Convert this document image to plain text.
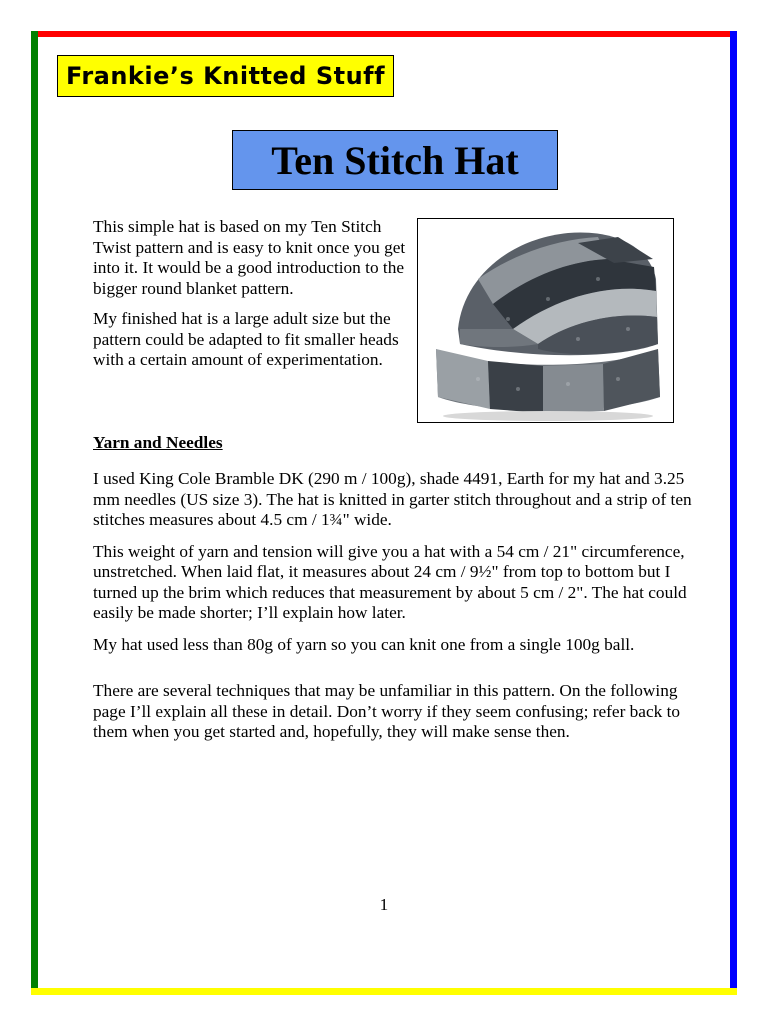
Frankie’s Knitted Stuff
Ten Stitch Hat

This simple hat is based on my Ten Stitch Twist pattern and is easy to knit once you get into it. It would be a good introduction to the bigger round blanket pattern.

My finished hat is a large adult size but the pattern could be adapted to fit smaller heads with a certain amount of experimentation.

Yarn and Needles

I used King Cole Bramble DK (290 m / 100g), shade 4491, Earth for my hat and 3.25 mm needles (US size 3). The hat is knitted in garter stitch throughout and a strip of ten stitches measures about 4.5 cm / 1¾" wide.

This weight of yarn and tension will give you a hat with a 54 cm / 21" circumference, unstretched. When laid flat, it measures about 24 cm / 9½" from top to bottom but I turned up the brim which reduces that measurement by about 5 cm / 2". The hat could easily be made shorter; I’ll explain how later.

My hat used less than 80g of yarn so you can knit one from a single 100g ball.

There are several techniques that may be unfamiliar in this pattern. On the following page I’ll explain all these in detail. Don’t worry if they seem confusing; refer back to them when you get started and, hopefully, they will make sense then.

1
